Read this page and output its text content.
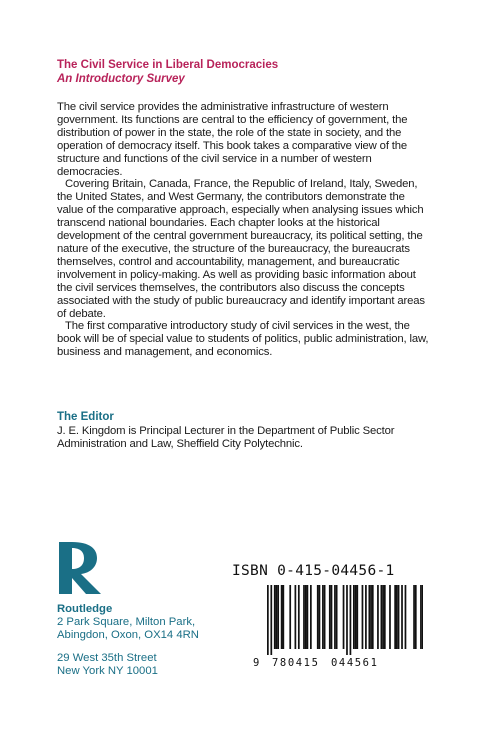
The Civil Service in Liberal Democracies
An Introductory Survey

The civil service provides the administrative infrastructure of western government. Its functions are central to the efficiency of government, the distribution of power in the state, the role of the state in society, and the operation of democracy itself. This book takes a comparative view of the structure and functions of the civil service in a number of western democracies.

Covering Britain, Canada, France, the Republic of Ireland, Italy, Sweden, the United States, and West Germany, the contributors demonstrate the value of the comparative approach, especially when analysing issues which transcend national boundaries. Each chapter looks at the historical development of the central government bureaucracy, its political setting, the nature of the executive, the structure of the bureaucracy, the bureaucrats themselves, control and accountability, management, and bureaucratic involvement in policy-making. As well as providing basic information about the civil services themselves, the contributors also discuss the concepts associated with the study of public bureaucracy and identify important areas of debate.

The first comparative introductory study of civil services in the west, the book will be of special value to students of politics, public administration, law, business and management, and economics.

The Editor

J. E. Kingdom is Principal Lecturer in the Department of Public Sector Administration and Law, Sheffield City Polytechnic.

Routledge

2 Park Square, Milton Park,

Abingdon, Oxon, OX14 4RN

29 West 35th Street

New York NY 10001

ISBN 0-415-04456-1
9 780415 044561
